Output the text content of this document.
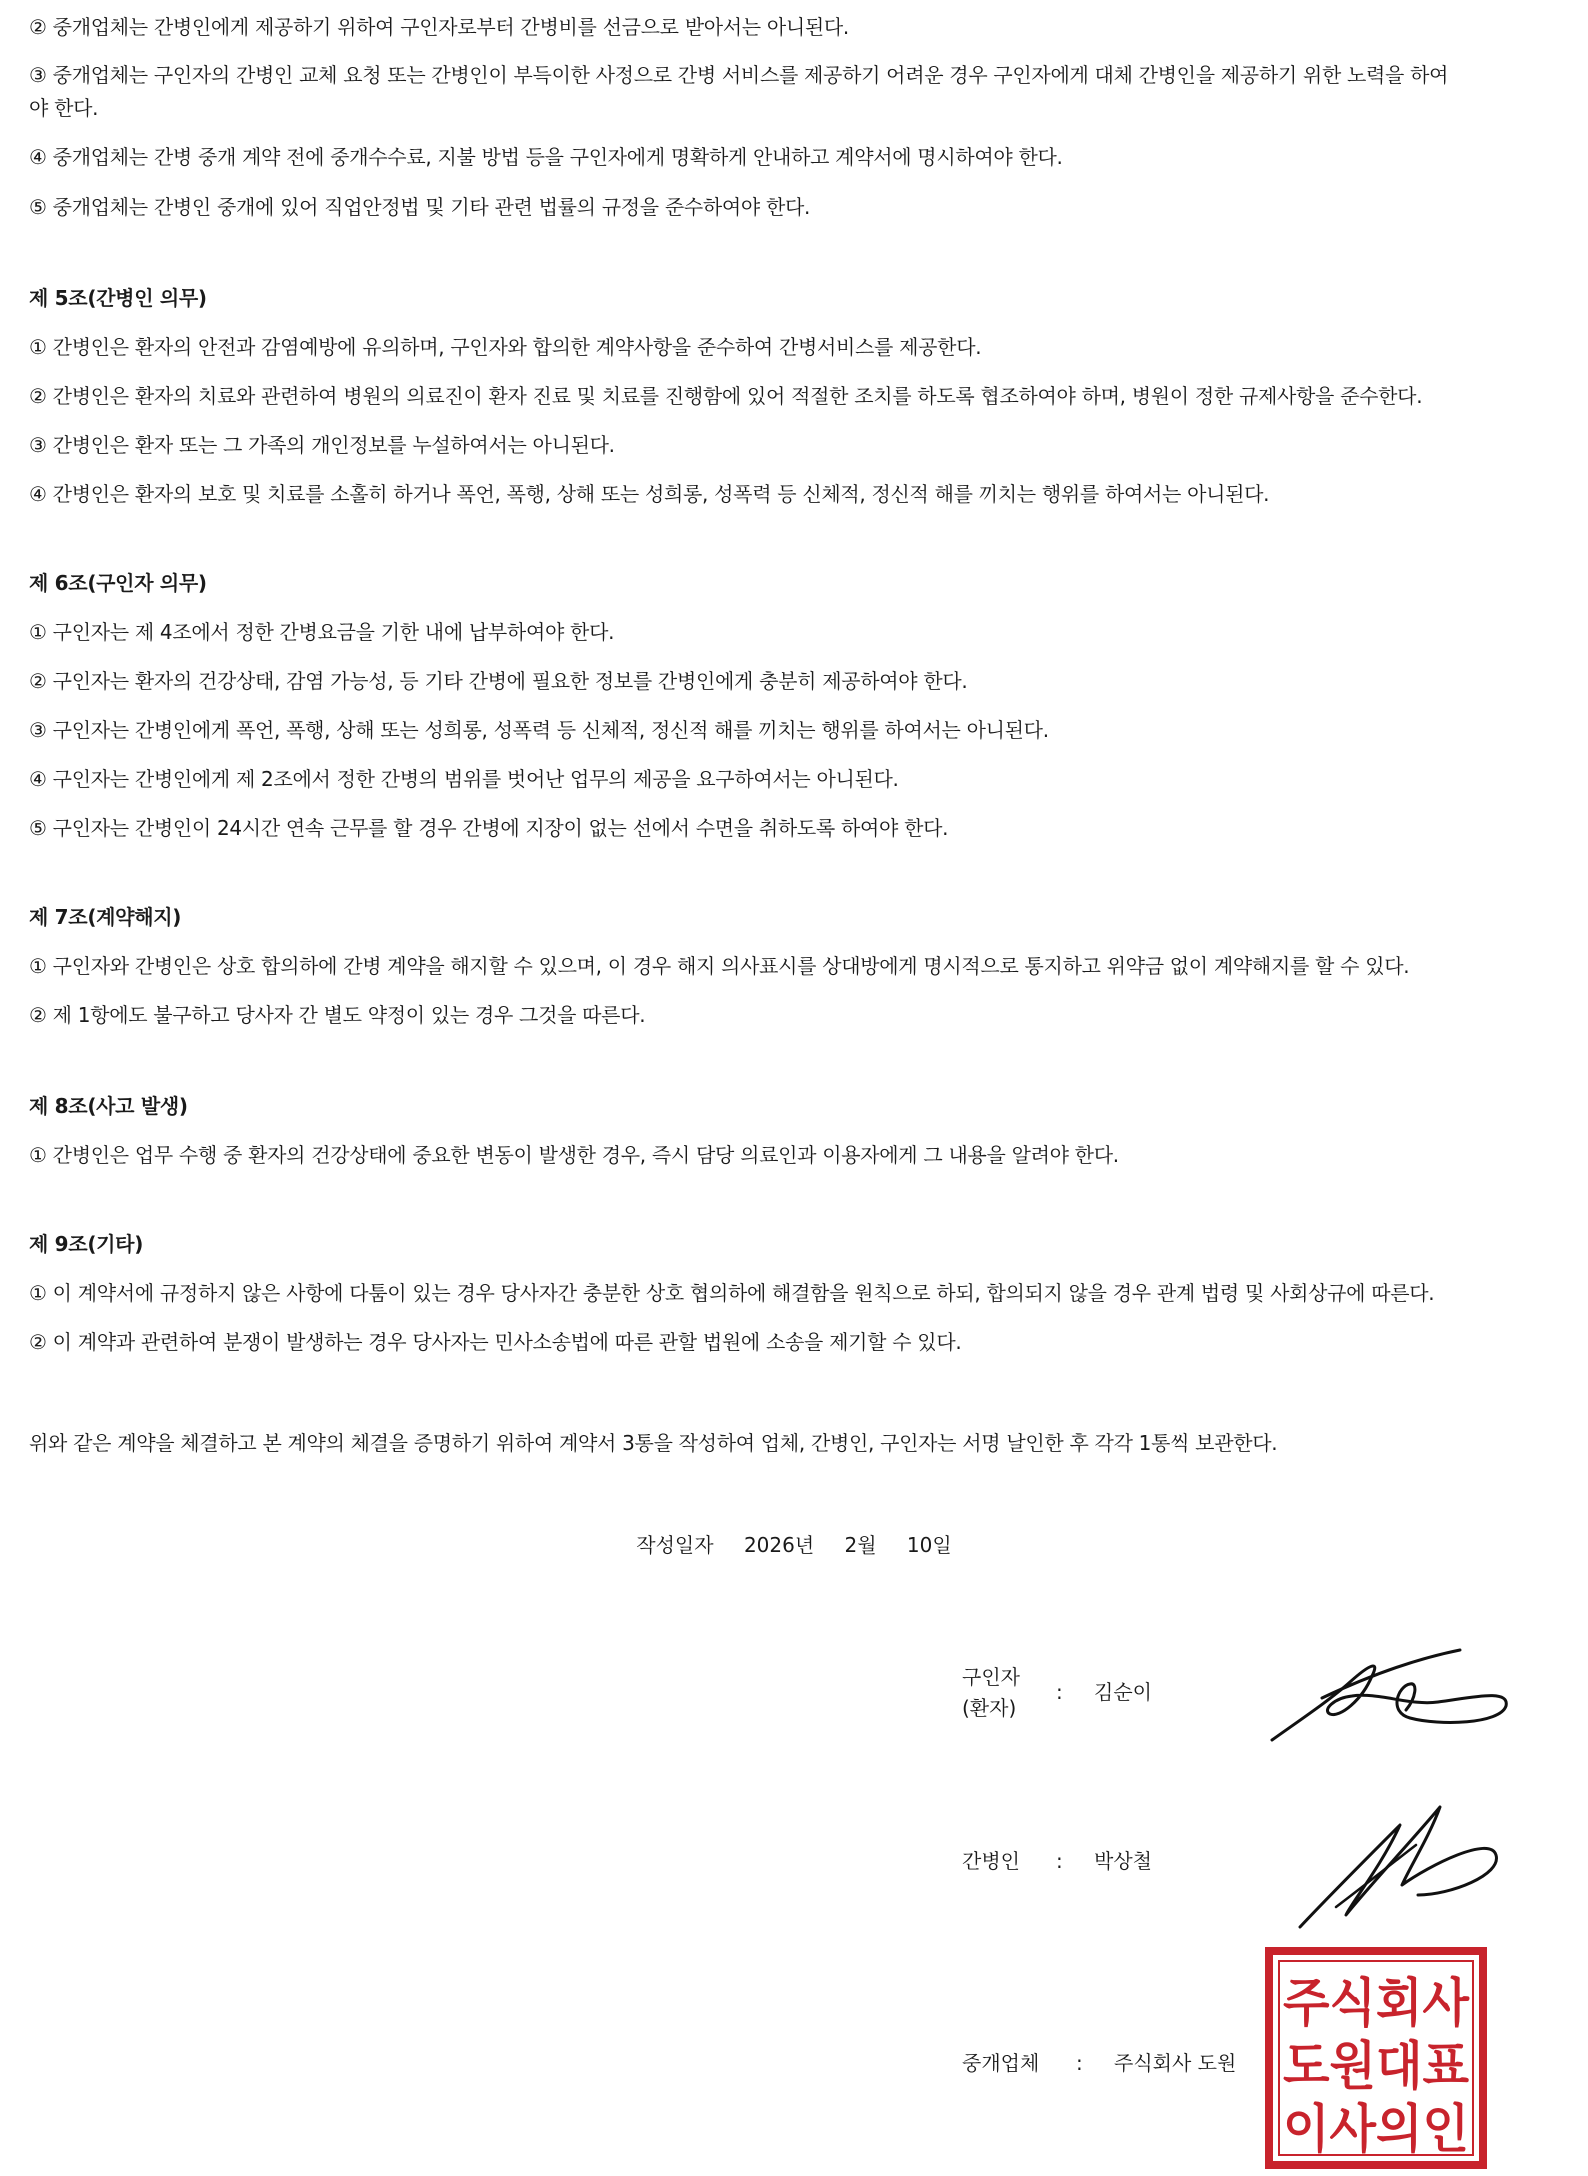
② 중개업체는 간병인에게 제공하기 위하여 구인자로부터 간병비를 선금으로 받아서는 아니된다.

③ 중개업체는 구인자의 간병인 교체 요청 또는 간병인이 부득이한 사정으로 간병 서비스를 제공하기 어려운 경우 구인자에게 대체 간병인을 제공하기 위한 노력을 하여

야 한다.

④ 중개업체는 간병 중개 계약 전에 중개수수료, 지불 방법 등을 구인자에게 명확하게 안내하고 계약서에 명시하여야 한다.

⑤ 중개업체는 간병인 중개에 있어 직업안정법 및 기타 관련 법률의 규정을 준수하여야 한다.

제 5조(간병인 의무)

① 간병인은 환자의 안전과 감염예방에 유의하며, 구인자와 합의한 계약사항을 준수하여 간병서비스를 제공한다.

② 간병인은 환자의 치료와 관련하여 병원의 의료진이 환자 진료 및 치료를 진행함에 있어 적절한 조치를 하도록 협조하여야 하며, 병원이 정한 규제사항을 준수한다.

③ 간병인은 환자 또는 그 가족의 개인정보를 누설하여서는 아니된다.

④ 간병인은 환자의 보호 및 치료를 소홀히 하거나 폭언, 폭행, 상해 또는 성희롱, 성폭력 등 신체적, 정신적 해를 끼치는 행위를 하여서는 아니된다.

제 6조(구인자 의무)

① 구인자는 제 4조에서 정한 간병요금을 기한 내에 납부하여야 한다.

② 구인자는 환자의 건강상태, 감염 가능성, 등 기타 간병에 필요한 정보를 간병인에게 충분히 제공하여야 한다.

③ 구인자는 간병인에게 폭언, 폭행, 상해 또는 성희롱, 성폭력 등 신체적, 정신적 해를 끼치는 행위를 하여서는 아니된다.

④ 구인자는 간병인에게 제 2조에서 정한 간병의 범위를 벗어난 업무의 제공을 요구하여서는 아니된다.

⑤ 구인자는 간병인이 24시간 연속 근무를 할 경우 간병에 지장이 없는 선에서 수면을 취하도록 하여야 한다.

제 7조(계약해지)

① 구인자와 간병인은 상호 합의하에 간병 계약을 해지할 수 있으며, 이 경우 해지 의사표시를 상대방에게 명시적으로 통지하고 위약금 없이 계약해지를 할 수 있다.

② 제 1항에도 불구하고 당사자 간 별도 약정이 있는 경우 그것을 따른다.

제 8조(사고 발생)

① 간병인은 업무 수행 중 환자의 건강상태에 중요한 변동이 발생한 경우, 즉시 담당 의료인과 이용자에게 그 내용을 알려야 한다.

제 9조(기타)

① 이 계약서에 규정하지 않은 사항에 다툼이 있는 경우 당사자간 충분한 상호 협의하에 해결함을 원칙으로 하되, 합의되지 않을 경우 관계 법령 및 사회상규에 따른다.

② 이 계약과 관련하여 분쟁이 발생하는 경우 당사자는 민사소송법에 따른 관할 법원에 소송을 제기할 수 있다.

위와 같은 계약을 체결하고 본 계약의 체결을 증명하기 위하여 계약서 3통을 작성하여 업체, 간병인, 구인자는 서명 날인한 후 각각 1통씩 보관한다.

작성일자 2026년 2월 10일
구인자
(환자)
: 김순이
간병인 : 박상철
중개업체 : 주식회사 도원
주식회사
도원대표
이사의인
